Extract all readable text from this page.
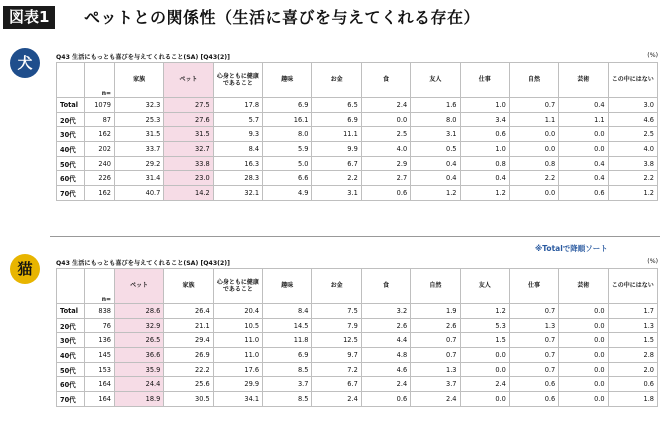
図表1	ペットとの関係性（生活に喜びを与えてくれる存在）
犬	Q43 生活にもっとも喜びを与えてくれること(SA) [Q43(2)]	(%)
	n=	家族	ペット	心身ともに健康であること	趣味	お金	食	友人	仕事	自然	芸術	この中にはない
Total	1079	32.3	27.5	17.8	6.9	6.5	2.4	1.6	1.0	0.7	0.4	3.0
20代	87	25.3	27.6	5.7	16.1	6.9	0.0	8.0	3.4	1.1	1.1	4.6
30代	162	31.5	31.5	9.3	8.0	11.1	2.5	3.1	0.6	0.0	0.0	2.5
40代	202	33.7	32.7	8.4	5.9	9.9	4.0	0.5	1.0	0.0	0.0	4.0
50代	240	29.2	33.8	16.3	5.0	6.7	2.9	0.4	0.8	0.8	0.4	3.8
60代	226	31.4	23.0	28.3	6.6	2.2	2.7	0.4	0.4	2.2	0.4	2.2
70代	162	40.7	14.2	32.1	4.9	3.1	0.6	1.2	1.2	0.0	0.6	1.2
※Totalで降順ソート
猫	Q43 生活にもっとも喜びを与えてくれること(SA) [Q43(2)]	(%)
	n=	ペット	家族	心身ともに健康であること	趣味	お金	食	自然	友人	仕事	芸術	この中にはない
Total	838	28.6	26.4	20.4	8.4	7.5	3.2	1.9	1.2	0.7	0.0	1.7
20代	76	32.9	21.1	10.5	14.5	7.9	2.6	2.6	5.3	1.3	0.0	1.3
30代	136	26.5	29.4	11.0	11.8	12.5	4.4	0.7	1.5	0.7	0.0	1.5
40代	145	36.6	26.9	11.0	6.9	9.7	4.8	0.7	0.0	0.7	0.0	2.8
50代	153	35.9	22.2	17.6	8.5	7.2	4.6	1.3	0.0	0.7	0.0	2.0
60代	164	24.4	25.6	29.9	3.7	6.7	2.4	3.7	2.4	0.6	0.0	0.6
70代	164	18.9	30.5	34.1	8.5	2.4	0.6	2.4	0.0	0.6	0.0	1.8
